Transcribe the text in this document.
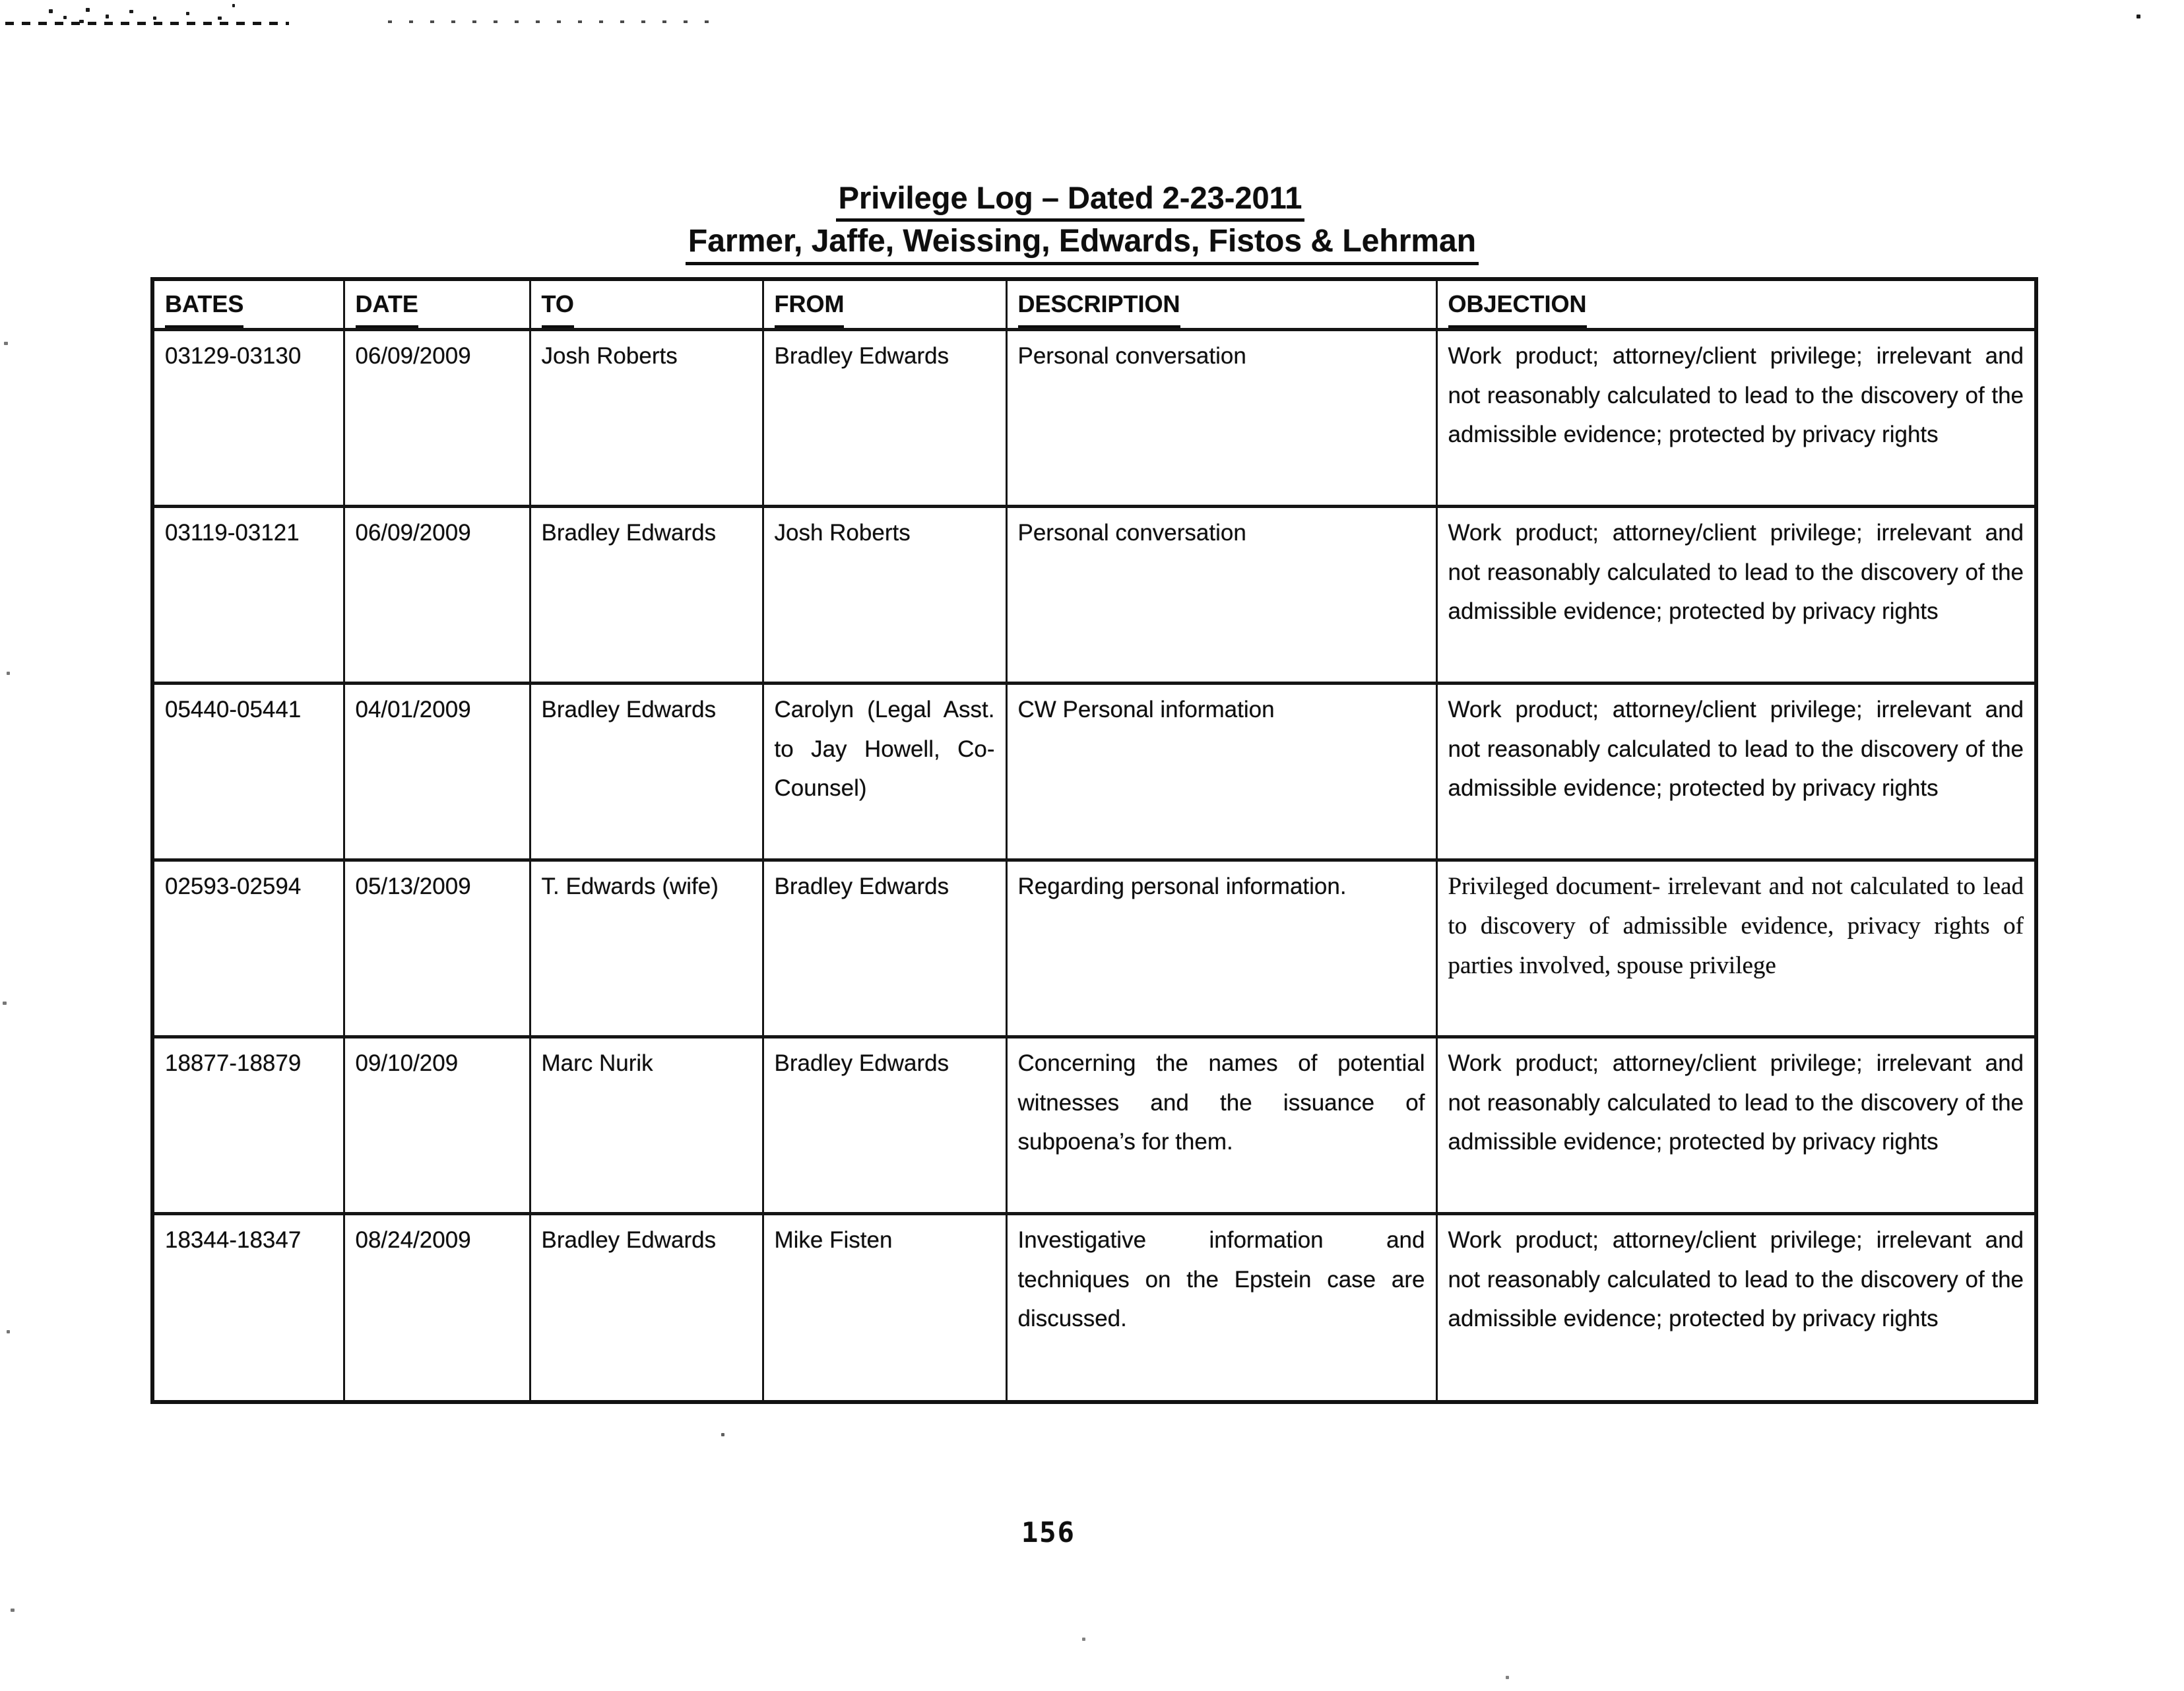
Privilege Log – Dated 2-23-2011
Farmer, Jaffe, Weissing, Edwards, Fistos & Lehrman
BATES	DATE	TO	FROM	DESCRIPTION	OBJECTION
03129-03130	06/09/2009	Josh Roberts	Bradley Edwards	Personal conversation	Work product; attorney/client privilege; irrelevant and not reasonably calculated to lead to the discovery of the admissible evidence; protected by privacy rights
03119-03121	06/09/2009	Bradley Edwards	Josh Roberts	Personal conversation	Work product; attorney/client privilege; irrelevant and not reasonably calculated to lead to the discovery of the admissible evidence; protected by privacy rights
05440-05441	04/01/2009	Bradley Edwards	Carolyn (Legal Asst. to Jay Howell, Co-Counsel)	CW Personal information	Work product; attorney/client privilege; irrelevant and not reasonably calculated to lead to the discovery of the admissible evidence; protected by privacy rights
02593-02594	05/13/2009	T. Edwards (wife)	Bradley Edwards	Regarding personal information.	Privileged document- irrelevant and not calculated to lead to discovery of admissible evidence, privacy rights of parties involved, spouse privilege
18877-18879	09/10/209	Marc Nurik	Bradley Edwards	Concerning the names of potential witnesses and the issuance of subpoena’s for them.	Work product; attorney/client privilege; irrelevant and not reasonably calculated to lead to the discovery of the admissible evidence; protected by privacy rights
18344-18347	08/24/2009	Bradley Edwards	Mike Fisten	Investigative information and techniques on the Epstein case are discussed.	Work product; attorney/client privilege; irrelevant and not reasonably calculated to lead to the discovery of the admissible evidence; protected by privacy rights
156
